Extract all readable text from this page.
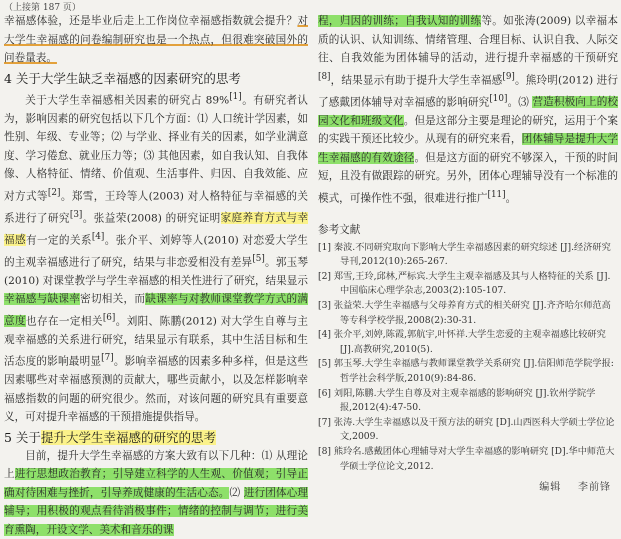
（上接第 187 页）

幸福感体验，还是毕业后走上工作岗位幸福感指数就会提升？对大学生幸福感的问卷编制研究也是一个热点，但很难突破国外的问卷量表。

4 关于大学生缺乏幸福感的因素研究的思考

关于大学生幸福感相关因素的研究占 89%[1]。有研究者认为，影响因素的研究包括以下几个方面：⑴ 人口统计学因素，如性别、年级、专业等；⑵ 与学业、择业有关的因素，如学业满意度、学习倦怠、就业压力等；⑶ 其他因素，如自我认知、自我体像、人格特征、情绪、价值观、生活事件、归因、自我效能、应对方式等[2]。郑雪，王玲等人(2003) 对人格特征与幸福感的关系进行了研究[3]。张益荣(2008) 的研究证明家庭养育方式与幸福感有一定的关系[4]。张介平、刘婷等人(2010) 对恋爱大学生的主观幸福感进行了研究，结果与非恋爱相没有差异[5]。郭玉琴(2010) 对课堂教学与学生幸福感的相关性进行了研究，结果显示幸福感与缺课率密切相关，而缺课率与对教师课堂教学方式的满意度也存在一定相关[6]。刘阳、陈鹏(2012) 对大学生自尊与主观幸福感的关系进行研究，结果显示有联系，其中生活目标和生活态度的影响最明显[7]。影响幸福感的因素多种多样，但是这些因素哪些对幸福感预测的贡献大，哪些贡献小，以及怎样影响幸福感指数的问题的研究很少。然而，对该问题的研究具有重要意义，可对提升幸福感的干预措施提供指导。

5 关于提升大学生幸福感的研究的思考

目前，提升大学生幸福感的方案大致有以下几种：⑴ 从理论上进行思想政治教育；引导建立科学的人生观、价值观；引导正确对待困难与挫折，引导养成健康的生活心态。⑵ 进行团体心理辅导；用积极的观点看待消极事件；情绪的控制与调节；进行美育熏陶，开设文学、美术和音乐的课

程，归因的训练；自我认知的训练等。如张涛(2009) 以幸福本质的认识、认知训练、情绪管理、合理目标、认识自我、人际交往、自我效能为团体辅导的活动，进行提升幸福感的干预研究[8]，结果显示有助于提升大学生幸福感[9]。熊玲明(2012) 进行了感戴团体辅导对幸福感的影响研究[10]。⑶ 营造积极向上的校园文化和班级文化。但是这部分主要是理论的研究，运用于个案的实践干预还比较少。从现有的研究来看，团体辅导是提升大学生幸福感的有效途径。但是这方面的研究不够深入，干预的时间短，且没有做跟踪的研究。另外，团体心理辅导没有一个标准的模式，可操作性不强，很难进行推广[11]。

参考文献
[1] 秦波.不同研究取向下影响大学生幸福感因素的研究综述 [J].经济研究导刊,2012(10):265-267.
[2] 郑雪,王玲,邱林,严标宾.大学生主观幸福感及其与人格特征的关系 [J].中国临床心理学杂志,2003(2):105-107.
[3] 张益荣.大学生幸福感与父母养育方式的相关研究 [J].齐齐哈尔师范高等专科学校学报,2008(2):30-31.
[4] 张介平,刘婷,陈霞,郭航宇,叶怀祥.大学生恋爱的主观幸福感比较研究 [J].高教研究,2010(5).
[5] 郭玉琴.大学生幸福感与教师课堂教学关系研究 [J].信阳师范学院学报:哲学社会科学版,2010(9):84-86.
[6] 刘阳,陈鹏.大学生自尊及对主观幸福感的影响研究 [J].钦州学院学报,2012(4):47-50.
[7] 张涛.大学生幸福感以及干预方法的研究 [D].山西医科大学硕士学位论文,2009.
[8] 熊玲名.感戴团体心理辅导对大学生幸福感的影响研究 [D].华中师范大学硕士学位论文,2012.
编辑 李前锋
